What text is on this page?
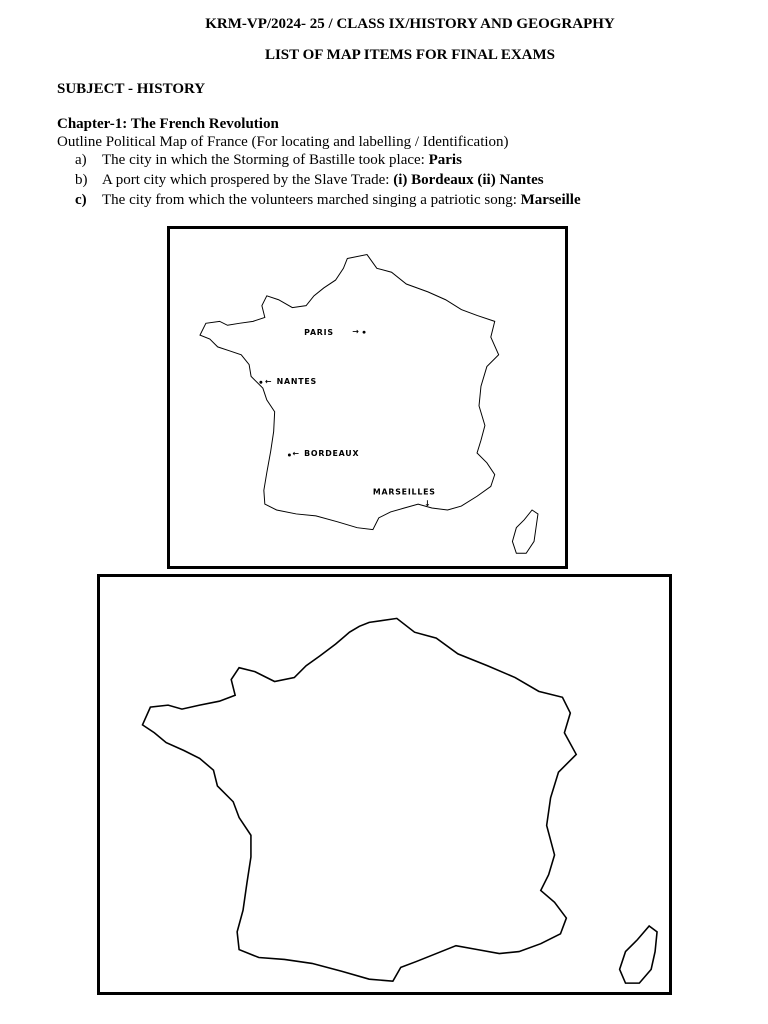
KRM-VP/2024- 25 / CLASS IX/HISTORY AND GEOGRAPHY
LIST OF MAP ITEMS FOR FINAL EXAMS
SUBJECT - HISTORY
Chapter-1: The French Revolution
Outline Political Map of France (For locating and labelling / Identification)
a) The city in which the Storming of Bastille took place: Paris
b) A port city which prospered by the Slave Trade: (i) Bordeaux (ii) Nantes
c) The city from which the volunteers marched singing a patriotic song: Marseille
PARIS →
← NANTES
← BORDEAUX
MARSEILLES
↓
